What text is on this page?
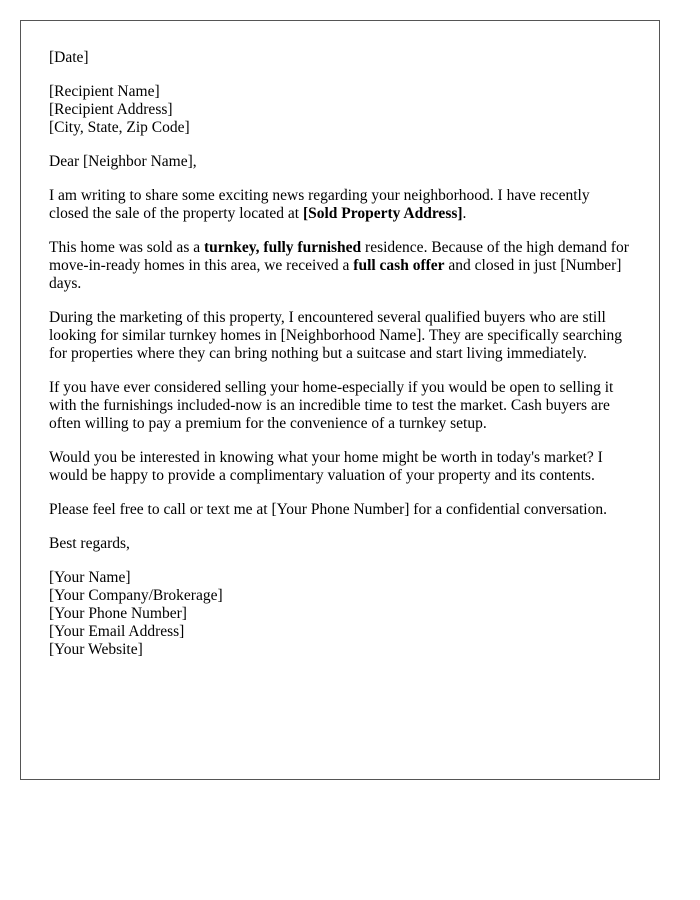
[Date]
[Recipient Name]
[Recipient Address]
[City, State, Zip Code]

Dear [Neighbor Name],

I am writing to share some exciting news regarding your neighborhood. I have recently closed the sale of the property located at [Sold Property Address].

This home was sold as a turnkey, fully furnished residence. Because of the high demand for move-in-ready homes in this area, we received a full cash offer and closed in just [Number] days.

During the marketing of this property, I encountered several qualified buyers who are still looking for similar turnkey homes in [Neighborhood Name]. They are specifically searching for properties where they can bring nothing but a suitcase and start living immediately.

If you have ever considered selling your home-especially if you would be open to selling it with the furnishings included-now is an incredible time to test the market. Cash buyers are often willing to pay a premium for the convenience of a turnkey setup.

Would you be interested in knowing what your home might be worth in today's market? I would be happy to provide a complimentary valuation of your property and its contents.

Please feel free to call or text me at [Your Phone Number] for a confidential conversation.

Best regards,

[Your Name]
[Your Company/Brokerage]
[Your Phone Number]
[Your Email Address]
[Your Website]
